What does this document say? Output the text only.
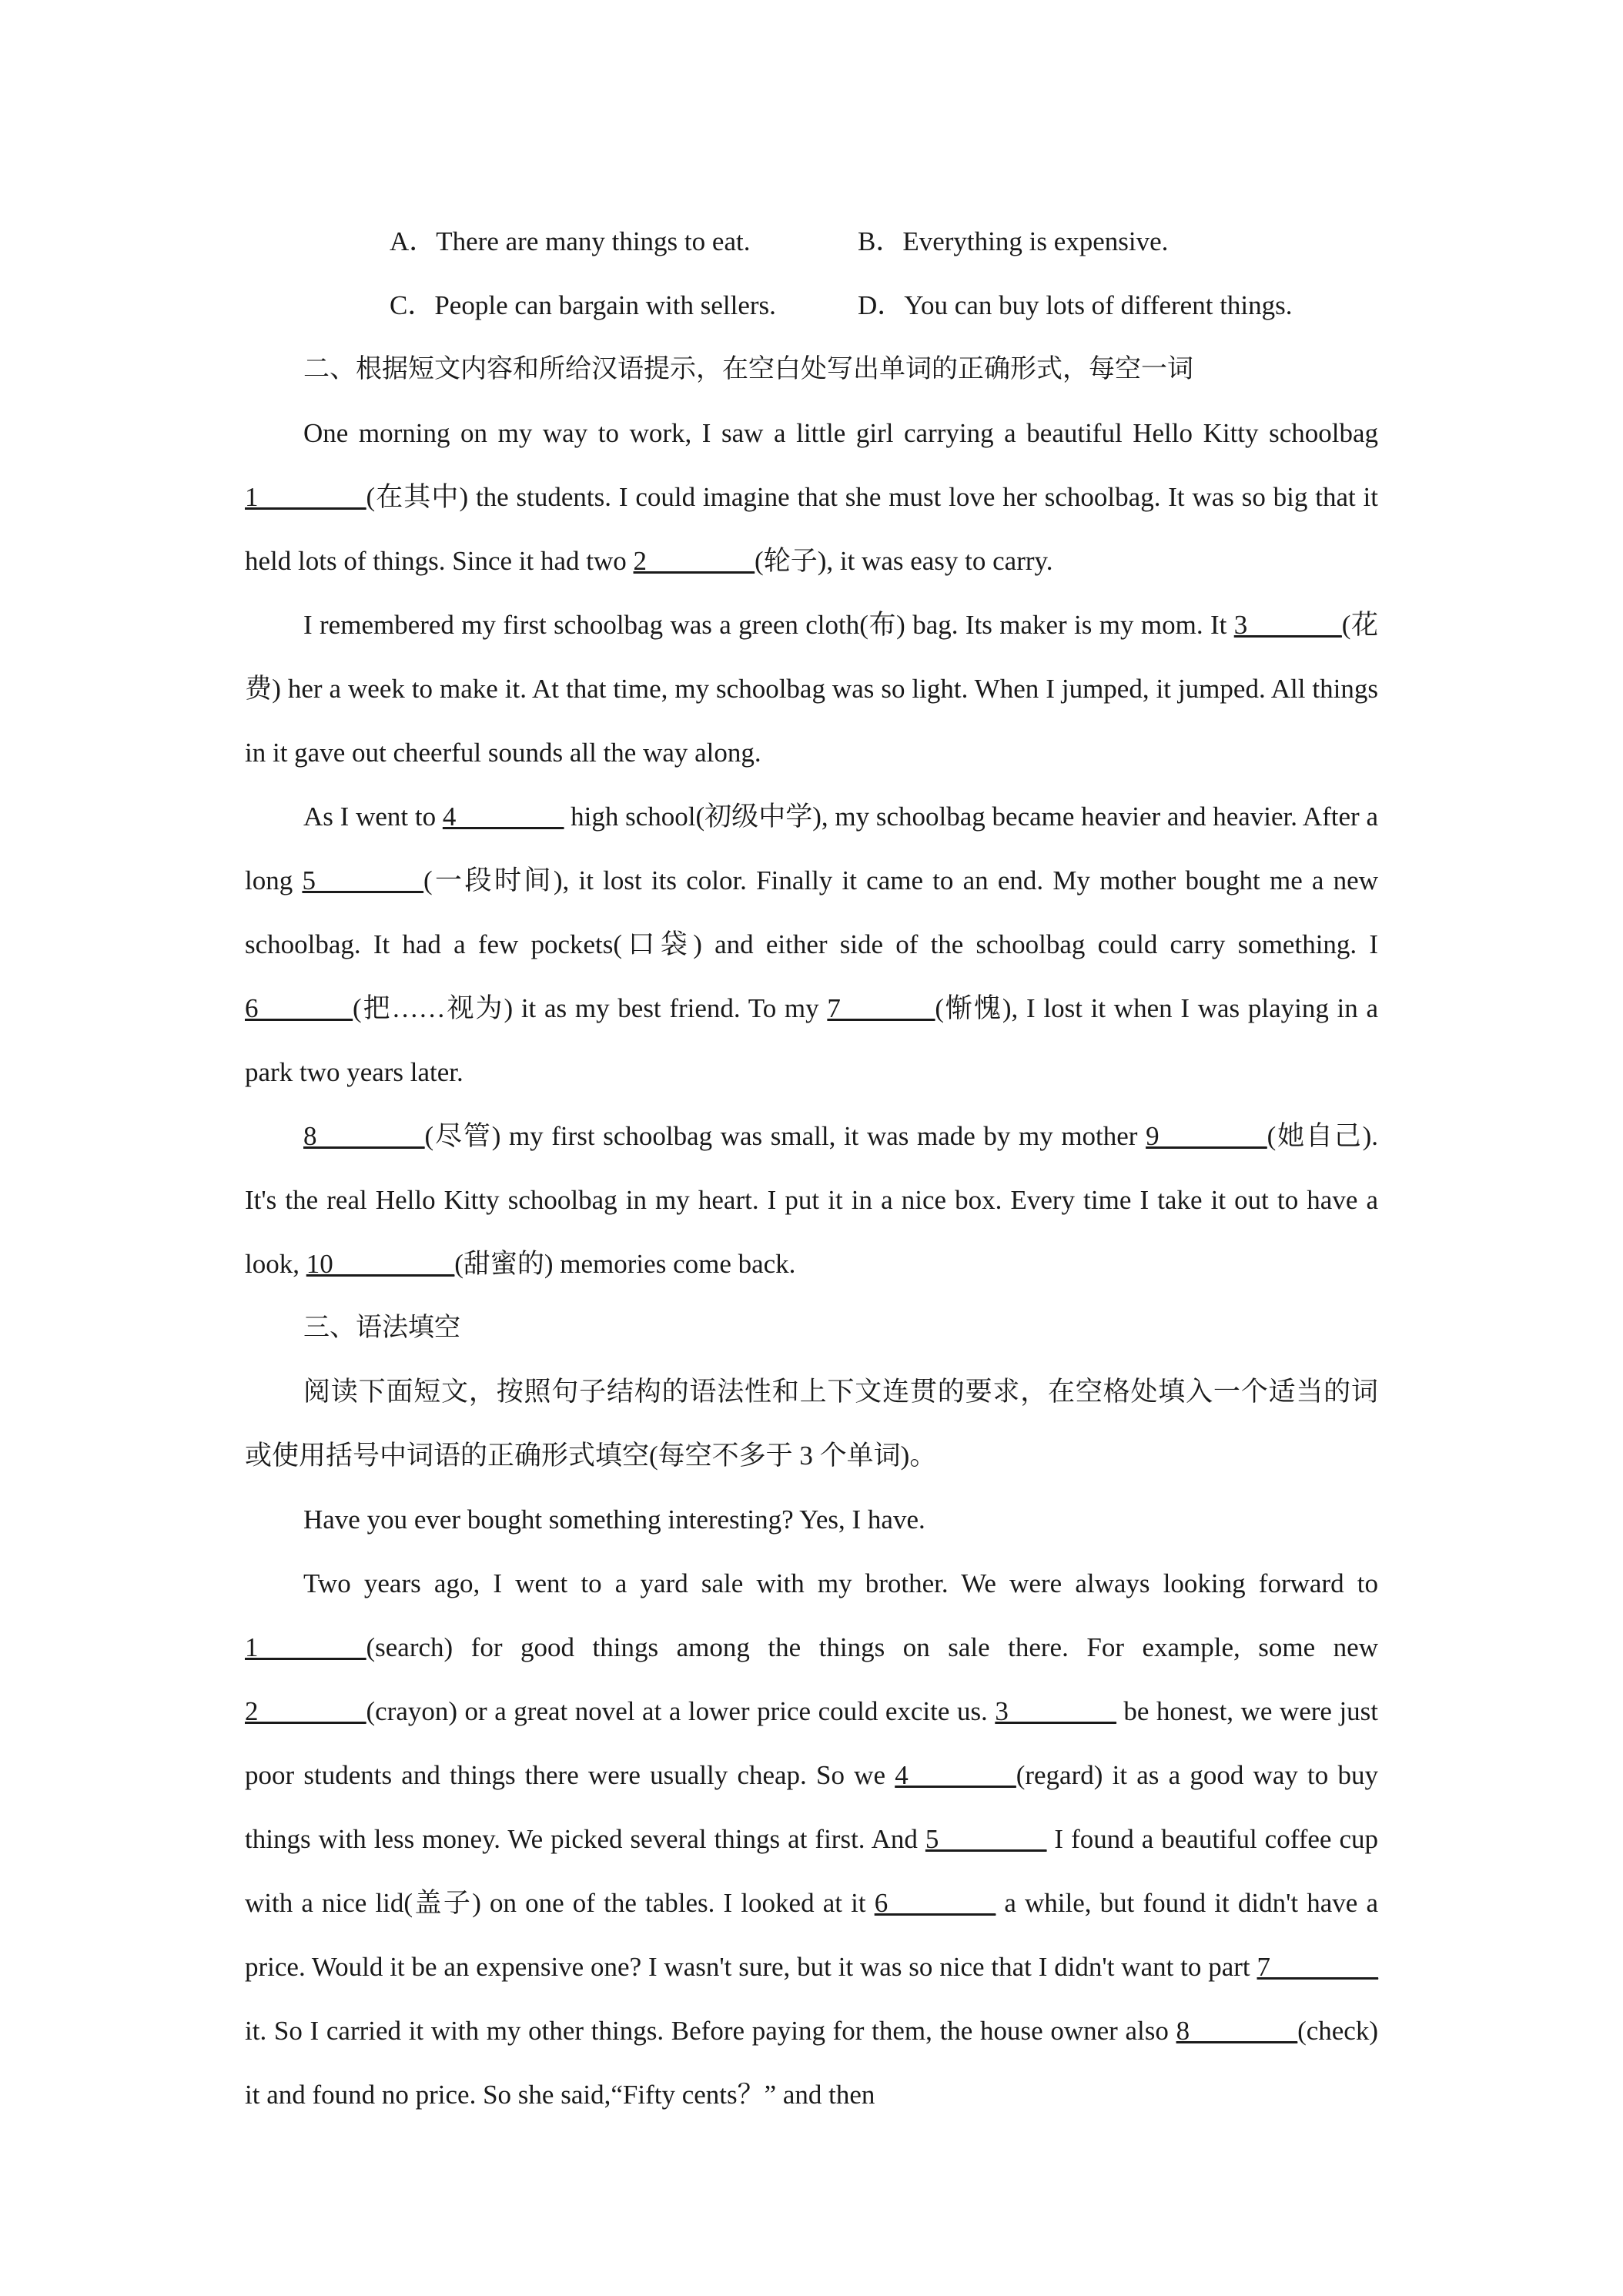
A．There are many things to eat.	B．Everything is expensive.
C．People can bargain with sellers.	D．You can buy lots of different things.
二、根据短文内容和所给汉语提示，在空白处写出单词的正确形式，每空一词

One morning on my way to work, I saw a little girl carrying a beautiful Hello Kitty schoolbag 1________(在其中) the students. I could imagine that she must love her schoolbag. It was so big that it held lots of things. Since it had two 2________(轮子), it was easy to carry.

I remembered my first schoolbag was a green cloth(布) bag. Its maker is my mom. It 3_______(花费) her a week to make it. At that time, my schoolbag was so light. When I jumped, it jumped. All things in it gave out cheerful sounds all the way along.

As I went to 4________ high school(初级中学), my schoolbag became heavier and heavier. After a long 5________(一段时间), it lost its color. Finally it came to an end. My mother bought me a new schoolbag. It had a few pockets(口袋) and either side of the schoolbag could carry something. I 6_______(把……视为) it as my best friend. To my 7_______(惭愧), I lost it when I was playing in a park two years later.

8________(尽管) my first schoolbag was small, it was made by my mother 9________(她自己). It's the real Hello Kitty schoolbag in my heart. I put it in a nice box. Every time I take it out to have a look, 10_________(甜蜜的) memories come back.

三、语法填空

阅读下面短文，按照句子结构的语法性和上下文连贯的要求，在空格处填入一个适当的词或使用括号中词语的正确形式填空(每空不多于 3 个单词)。

Have you ever bought something interesting? Yes, I have.

Two years ago, I went to a yard sale with my brother. We were always looking forward to 1________(search) for good things among the things on sale there. For example, some new 2________(crayon) or a great novel at a lower price could excite us. 3________ be honest, we were just poor students and things there were usually cheap. So we 4________(regard) it as a good way to buy things with less money. We picked several things at first. And 5________ I found a beautiful coffee cup with a nice lid(盖子) on one of the tables. I looked at it 6________ a while, but found it didn't have a price. Would it be an expensive one? I wasn't sure, but it was so nice that I didn't want to part 7________ it. So I carried it with my other things. Before paying for them, the house owner also 8________(check) it and found no price. So she said,“Fifty cents？” and then
